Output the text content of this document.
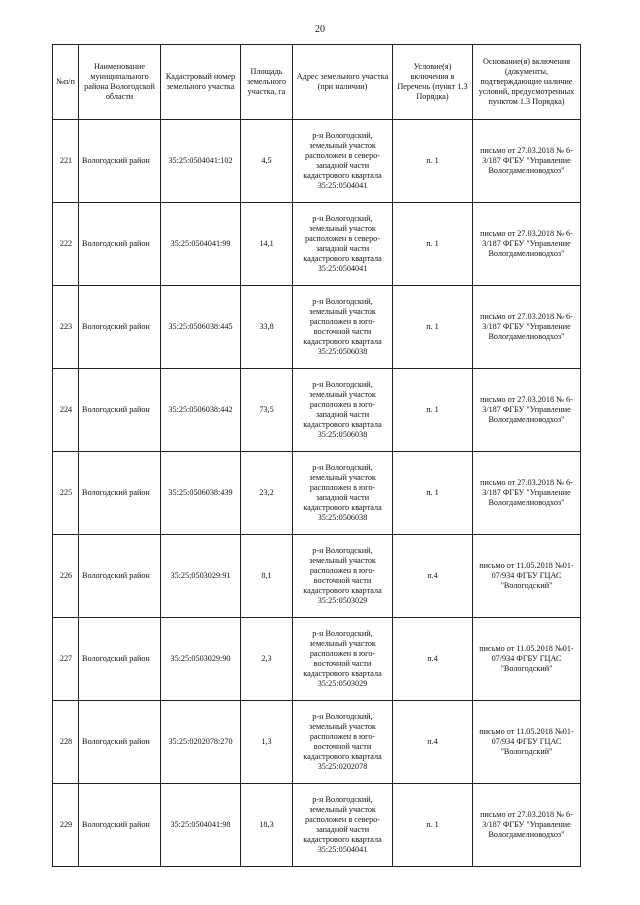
20
№п/п	Наименование муниципального района Вологодской области	Кадастровый номер земельного участка	Площадь земельного участка, га	Адрес земельного участка (при наличии)	Условие(я) включения в Перечень (пункт 1.3 Порядка)	Основание(я) включения (документы, подтверждающие наличие условий, предусмотренных пунктом 1.3 Порядка)
221	Вологодский район	35:25:0504041:102	4,5	р-н Вологодский, земельный участок расположен в северо-западной части кадастрового квартала 35:25:0504041	п. 1	письмо от 27.03.2018 № 6-3/187 ФГБУ "Управление Вологдамелиоводхоз"
222	Вологодский район	35:25:0504041:99	14,1	р-н Вологодский, земельный участок расположен в северо-западной части кадастрового квартала 35:25:0504041	п. 1	письмо от 27.03.2018 № 6-3/187 ФГБУ "Управление Вологдамелиоводхоз"
223	Вологодский район	35:25:0506038:445	33,8	р-н Вологодский, земельный участок расположен в юго-восточной части кадастрового квартала 35:25:0506038	п. 1	письмо от 27.03.2018 № 6-3/187 ФГБУ "Управление Вологдамелиоводхоз"
224	Вологодский район	35:25:0506038:442	73,5	р-н Вологодский, земельный участок расположен в юго-западной части кадастрового квартала 35:25:0506038	п. 1	письмо от 27.03.2018 № 6-3/187 ФГБУ "Управление Вологдамелиоводхоз"
225	Вологодский район	35:25:0506038:439	23,2	р-н Вологодский, земельный участок расположен в юго-западной части кадастрового квартала 35:25:0506038	п. 1	письмо от 27.03.2018 № 6-3/187 ФГБУ "Управление Вологдамелиоводхоз"
226	Вологодский район	35:25:0503029:91	8,1	р-н Вологодский, земельный участок расположен в юго-восточной части кадастрового квартала 35:25:0503029	п.4	письмо от 11.05.2018 №01-07/934 ФГБУ ГЦАС "Вологодский"
227	Вологодский район	35:25:0503029:90	2,3	р-н Вологодский, земельный участок расположен в юго-восточной части кадастрового квартала 35:25:0503029	п.4	письмо от 11.05.2018 №01-07/934 ФГБУ ГЦАС "Вологодский"
228	Вологодский район	35:25:0202078:270	1,3	р-н Вологодский, земельный участок расположен в юго-восточной части кадастрового квартала 35:25:0202078	п.4	письмо от 11.05.2018 №01-07/934 ФГБУ ГЦАС "Вологодский"
229	Вологодский район	35:25:0504041:98	18,3	р-н Вологодский, земельный участок расположен в северо-западной части кадастрового квартала 35:25:0504041	п. 1	письмо от 27.03.2018 № 6-3/187 ФГБУ "Управление Вологдамелиоводхоз"
